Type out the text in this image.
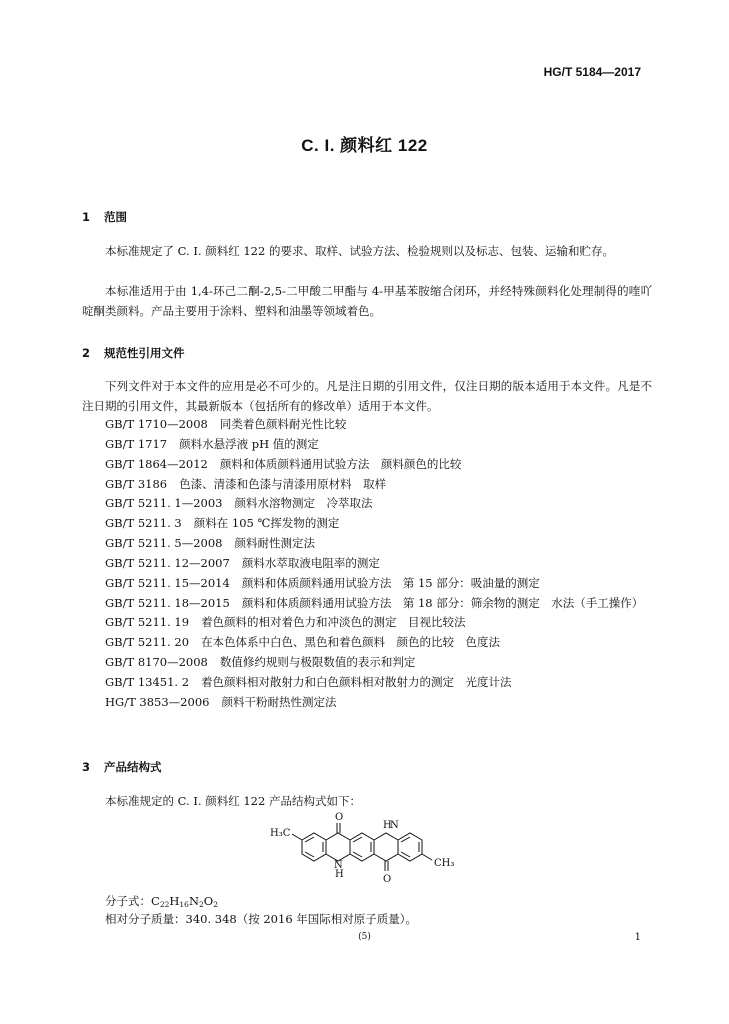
HG/T 5184—2017
C. I. 颜料红 122
1 范围

本标准规定了 C. I. 颜料红 122 的要求、取样、试验方法、检验规则以及标志、包装、运输和贮存。

本标准适用于由 1,4-环己二酮-2,5-二甲酸二甲酯与 4-甲基苯胺缩合闭环，并经特殊颜料化处理制得的喹吖啶酮类颜料。产品主要用于涂料、塑料和油墨等领域着色。

2 规范性引用文件

下列文件对于本文件的应用是必不可少的。凡是注日期的引用文件，仅注日期的版本适用于本文件。凡是不注日期的引用文件，其最新版本（包括所有的修改单）适用于本文件。

GB/T 1710—2008 同类着色颜料耐光性比较
GB/T 1717 颜料水悬浮液 pH 值的测定
GB/T 1864—2012 颜料和体质颜料通用试验方法　颜料颜色的比较
GB/T 3186 色漆、清漆和色漆与清漆用原材料　取样
GB/T 5211. 1—2003 颜料水溶物测定　冷萃取法
GB/T 5211. 3 颜料在 105 ℃挥发物的测定
GB/T 5211. 5—2008 颜料耐性测定法
GB/T 5211. 12—2007 颜料水萃取液电阻率的测定
GB/T 5211. 15—2014 颜料和体质颜料通用试验方法　第 15 部分：吸油量的测定
GB/T 5211. 18—2015 颜料和体质颜料通用试验方法　第 18 部分：筛余物的测定　水法（手工操作）
GB/T 5211. 19 着色颜料的相对着色力和冲淡色的测定　目视比较法
GB/T 5211. 20 在本色体系中白色、黑色和着色颜料　颜色的比较　色度法
GB/T 8170—2008 数值修约规则与极限数值的表示和判定
GB/T 13451. 2 着色颜料相对散射力和白色颜料相对散射力的测定　光度计法
HG/T 3853—2006 颜料干粉耐热性测定法
3 产品结构式

本标准规定的 C. I. 颜料红 122 产品结构式如下：

O
O
H
N
N
H
H₃C
CH₃
分子式：$C_{22}H_{16}N_2O_2$
相对分子质量：340. 348（按 2016 年国际相对原子质量）。
(5)	1
